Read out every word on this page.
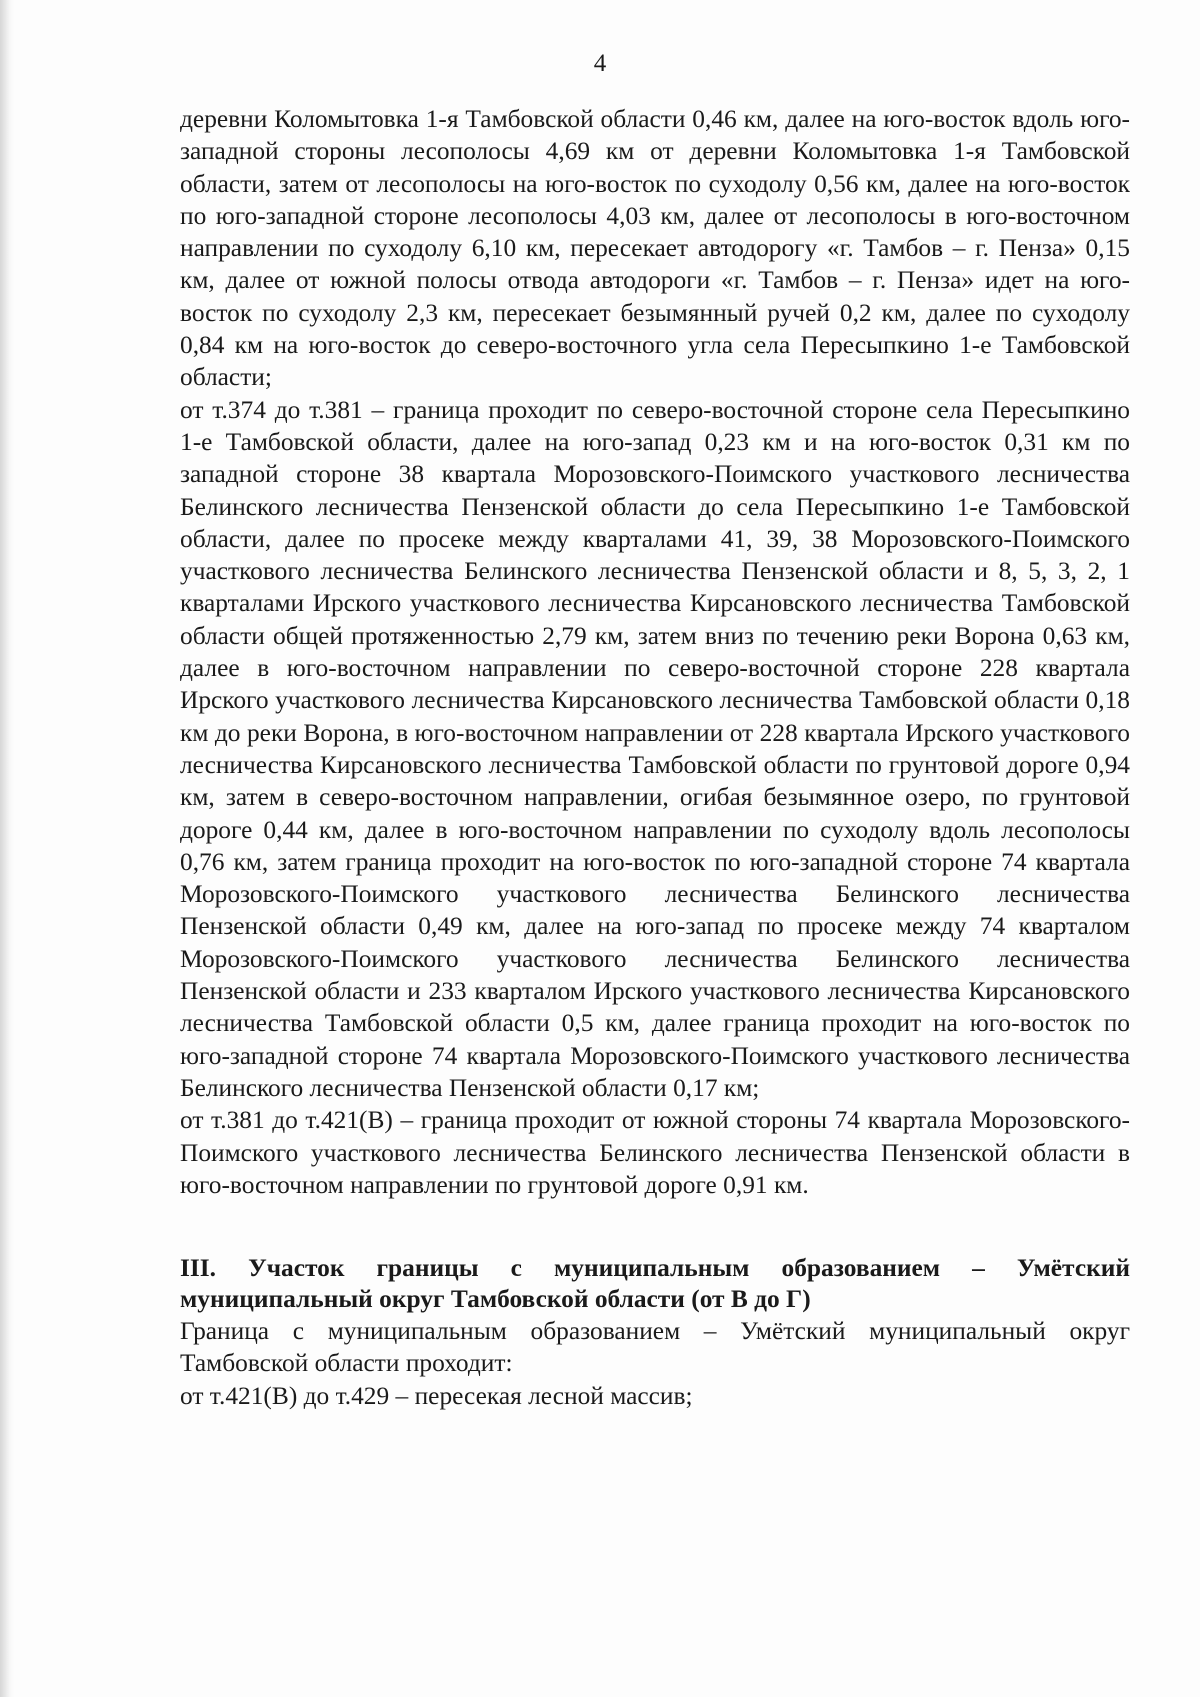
4

деревни Коломытовка 1-я Тамбовской области 0,46 км, далее на юго-восток вдоль юго-западной стороны лесополосы 4,69 км от деревни Коломытовка 1-я Тамбовской области, затем от лесополосы на юго-восток по суходолу 0,56 км, далее на юго-восток по юго-западной стороне лесополосы 4,03 км, далее от лесополосы в юго-восточном направлении по суходолу 6,10 км, пересекает автодорогу «г. Тамбов – г. Пенза» 0,15 км, далее от южной полосы отвода автодороги «г. Тамбов – г. Пенза» идет на юго-восток по суходолу 2,3 км, пересекает безымянный ручей 0,2 км, далее по суходолу 0,84 км на юго-восток до северо-восточного угла села Пересыпкино 1-е Тамбовской области;

от т.374 до т.381 – граница проходит по северо-восточной стороне села Пересыпкино 1-е Тамбовской области, далее на юго-запад 0,23 км и на юго-восток 0,31 км по западной стороне 38 квартала Морозовского-Поимского участкового лесничества Белинского лесничества Пензенской области до села Пересыпкино 1-е Тамбовской области, далее по просеке между кварталами 41, 39, 38 Морозовского-Поимского участкового лесничества Белинского лесничества Пензенской области и 8, 5, 3, 2, 1 кварталами Ирского участкового лесничества Кирсановского лесничества Тамбовской области общей протяженностью 2,79 км, затем вниз по течению реки Ворона 0,63 км, далее в юго-восточном направлении по северо-восточной стороне 228 квартала Ирского участкового лесничества Кирсановского лесничества Тамбовской области 0,18 км до реки Ворона, в юго-восточном направлении от 228 квартала Ирского участкового лесничества Кирсановского лесничества Тамбовской области по грунтовой дороге 0,94 км, затем в северо-восточном направлении, огибая безымянное озеро, по грунтовой дороге 0,44 км, далее в юго-восточном направлении по суходолу вдоль лесополосы 0,76 км, затем граница проходит на юго-восток по юго-западной стороне 74 квартала Морозовского-Поимского участкового лесничества Белинского лесничества Пензенской области 0,49 км, далее на юго-запад по просеке между 74 кварталом Морозовского-Поимского участкового лесничества Белинского лесничества Пензенской области и 233 кварталом Ирского участкового лесничества Кирсановского лесничества Тамбовской области 0,5 км, далее граница проходит на юго-восток по юго-западной стороне 74 квартала Морозовского-Поимского участкового лесничества Белинского лесничества Пензенской области 0,17 км;

от т.381 до т.421(В) – граница проходит от южной стороны 74 квартала Морозовского-Поимского участкового лесничества Белинского лесничества Пензенской области в юго-восточном направлении по грунтовой дороге 0,91 км.

III. Участок границы с муниципальным образованием – Умётский муниципальный округ Тамбовской области (от В до Г)

Граница с муниципальным образованием – Умётский муниципальный округ Тамбовской области проходит:

от т.421(В) до т.429 – пересекая лесной массив;
